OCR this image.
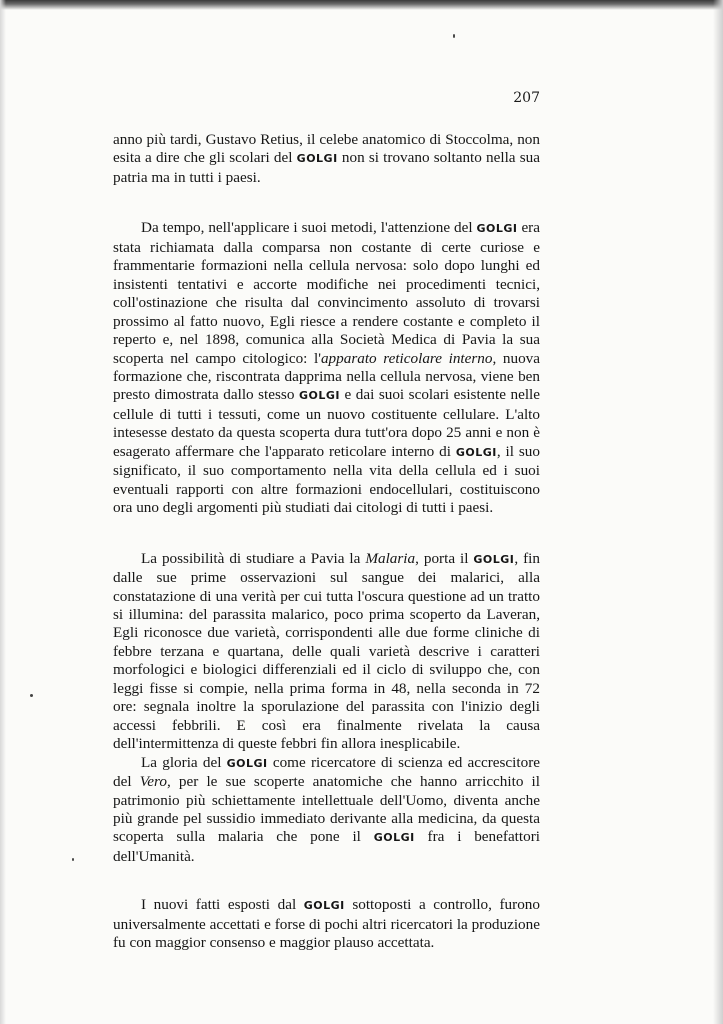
207

anno più tardi, Gustavo Retius, il celebe anatomico di Stoccolma, non esita a dire che gli scolari del GOLGI non si trovano soltanto nella sua patria ma in tutti i paesi.

Da tempo, nell'applicare i suoi metodi, l'attenzione del GOLGI era stata richiamata dalla comparsa non costante di certe curiose e frammentarie formazioni nella cellula nervosa: solo dopo lunghi ed insistenti tentativi e accorte modifiche nei procedimenti tecnici, coll'ostinazione che risulta dal convincimento assoluto di trovarsi prossimo al fatto nuovo, Egli riesce a rendere costante e completo il reperto e, nel 1898, comunica alla Società Medica di Pavia la sua scoperta nel campo citologico: l'apparato reticolare interno, nuova formazione che, riscontrata dapprima nella cellula nervosa, viene ben presto dimostrata dallo stesso GOLGI e dai suoi scolari esistente nelle cellule di tutti i tessuti, come un nuovo costituente cellulare. L'alto intesesse destato da questa scoperta dura tutt'ora dopo 25 anni e non è esagerato affermare che l'apparato reticolare interno di GOLGI, il suo significato, il suo comportamento nella vita della cellula ed i suoi eventuali rapporti con altre formazioni endocellulari, costituiscono ora uno degli argomenti più studiati dai citologi di tutti i paesi.

La possibilità di studiare a Pavia la Malaria, porta il GOLGI, fin dalle sue prime osservazioni sul sangue dei malarici, alla constatazione di una verità per cui tutta l'oscura questione ad un tratto si illumina: del parassita malarico, poco prima scoperto da Laveran, Egli riconosce due varietà, corrispondenti alle due forme cliniche di febbre terzana e quartana, delle quali varietà descrive i caratteri morfologici e biologici differenziali ed il ciclo di sviluppo che, con leggi fisse si compie, nella prima forma in 48, nella seconda in 72 ore: segnala inoltre la sporulazione del parassita con l'inizio degli accessi febbrili. E così era finalmente rivelata la causa dell'intermittenza di queste febbri fin allora inesplicabile.

La gloria del GOLGI come ricercatore di scienza ed accrescitore del Vero, per le sue scoperte anatomiche che hanno arricchito il patrimonio più schiettamente intellettuale dell'Uomo, diventa anche più grande pel sussidio immediato derivante alla medicina, da questa scoperta sulla malaria che pone il GOLGI fra i benefattori dell'Umanità.

I nuovi fatti esposti dal GOLGI sottoposti a controllo, furono universalmente accettati e forse di pochi altri ricercatori la produzione fu con maggior consenso e maggior plauso accettata.
